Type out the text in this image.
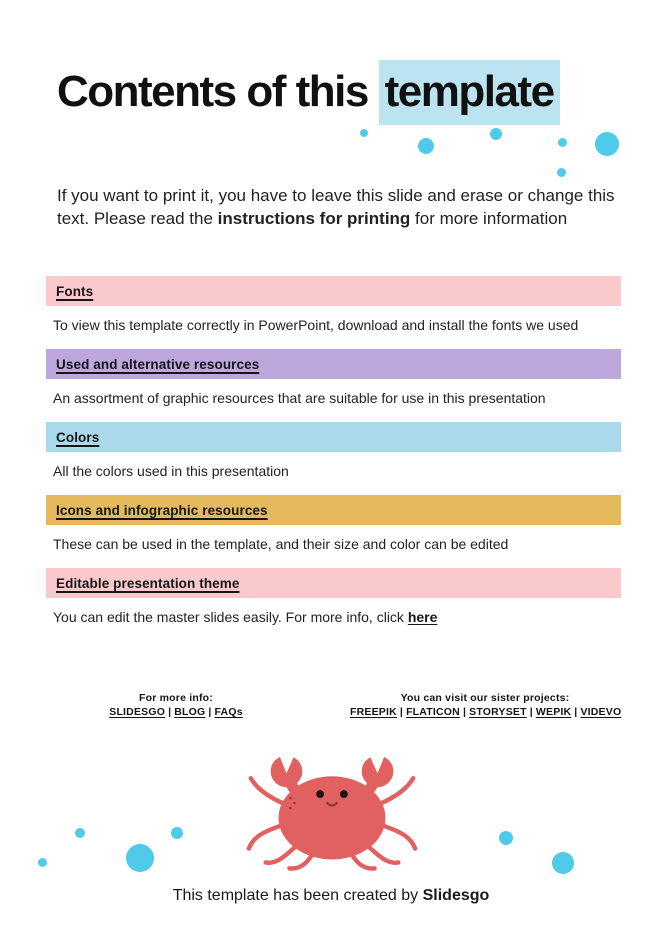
Contents of this template

If you want to print it, you have to leave this slide and erase or change this text. Please read the instructions for printing for more information

Fonts

To view this template correctly in PowerPoint, download and install the fonts we used

Used and alternative resources

An assortment of graphic resources that are suitable for use in this presentation

Colors

All the colors used in this presentation

Icons and infographic resources

These can be used in the template, and their size and color can be edited

Editable presentation theme

You can edit the master slides easily. For more info, click here

For more info:
SLIDESGO | BLOG | FAQs
You can visit our sister projects:
FREEPIK | FLATICON | STORYSET | WEPIK | VIDEVO

This template has been created by Slidesgo
